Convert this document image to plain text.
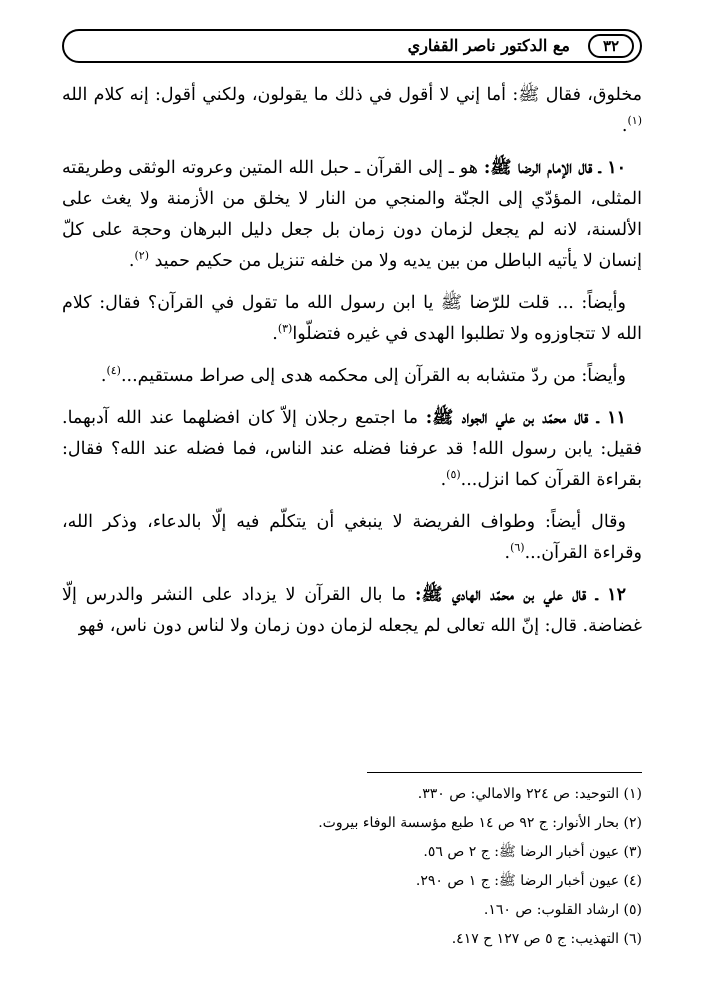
٣٢
مع الدكتور ناصر القفاري

مخلوق، فقال ﷺ: أما إني لا أقول في ذلك ما يقولون، ولكني أقول: إنه كلام الله $^{(١)}$.

١٠ ـ قال الإمام الرضا ﷺ: هو ـ إلى القرآن ـ حبل الله المتين وعروته الوثقى وطريقته المثلى، المؤدّي إلى الجنّة والمنجي من النار لا يخلق من الأزمنة ولا يغث على الألسنة، لانه لم يجعل لزمان دون زمان بل جعل دليل البرهان وحجة على كلّ إنسان لا يأتيه الباطل من بين يديه ولا من خلفه تنزيل من حكيم حميد $^{(٢)}$.

وأيضاً: ... قلت للرّضا ﷺ يا ابن رسول الله ما تقول في القرآن؟ فقال: كلام الله لا تتجاوزوه ولا تطلبوا الهدى في غيره فتضلّوا$^{(٣)}$.

وأيضاً: من ردّ متشابه به القرآن إلى محكمه هدى إلى صراط مستقيم...$^{(٤)}$.

١١ ـ قال محمّد بن علي الجواد ﷺ: ما اجتمع رجلان إلاّ كان افضلهما عند الله آدبهما. فقيل: يابن رسول الله! قد عرفنا فضله عند الناس، فما فضله عند الله؟ فقال: بقراءة القرآن كما انزل...$^{(٥)}$.

وقال أيضاً: وطواف الفريضة لا ينبغي أن يتكلّم فيه إلّا بالدعاء، وذكر الله، وقراءة القرآن...$^{(٦)}$.

١٢ ـ قال علي بن محمّد الهادي ﷺ: ما بال القرآن لا يزداد على النشر والدرس إلّا غضاضة. قال: إنّ الله تعالى لم يجعله لزمان دون زمان ولا لناس دون ناس، فهو

(١) التوحيد: ص ٢٢٤ والامالي: ص ٣٣٠.
(٢) بحار الأنوار: ج ٩٢ ص ١٤ طبع مؤسسة الوفاء بيروت.
(٣) عيون أخبار الرضا ﷺ: ج ٢ ص ٥٦.
(٤) عيون أخبار الرضا ﷺ: ج ١ ص ٢٩٠.
(٥) ارشاد القلوب: ص ١٦٠.
(٦) التهذيب: ج ٥ ص ١٢٧ ح ٤١٧.
